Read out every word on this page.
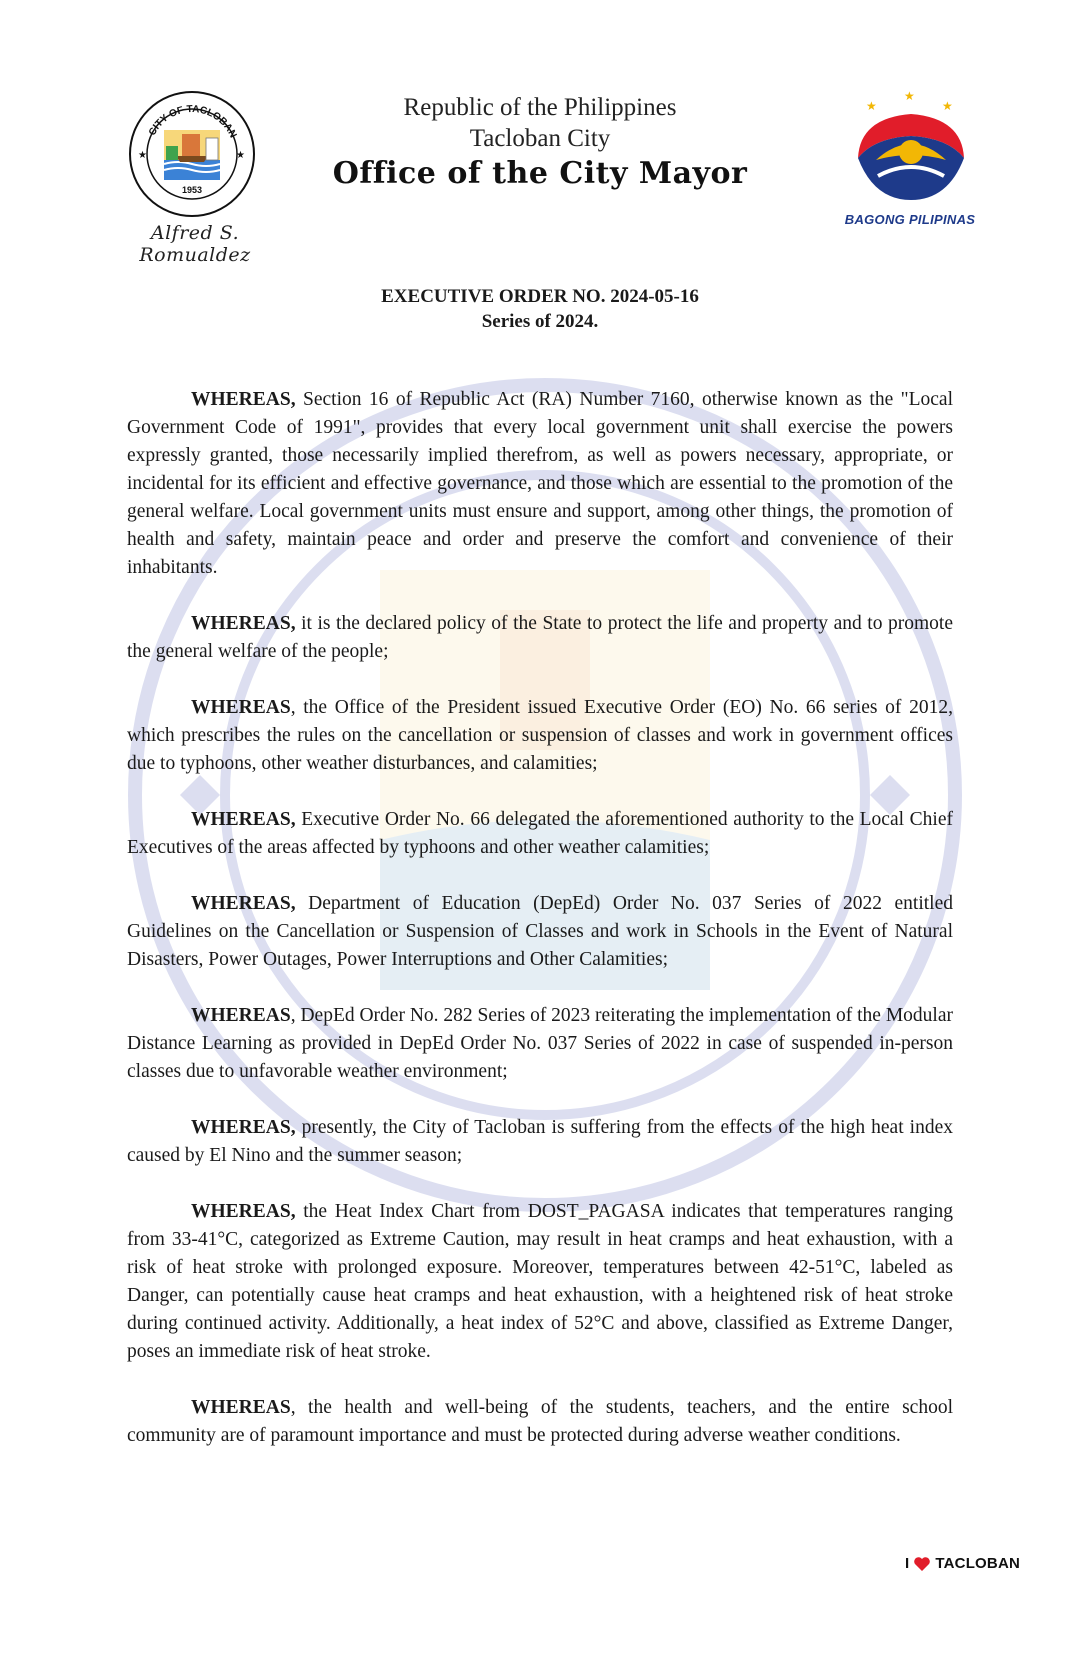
CITY OF TACLOBAN
1953
★	★
Alfred S. Romualdez
Republic of the Philippines
Tacloban City
Office of the City Mayor
★
★
★
BAGONG PILIPINAS
EXECUTIVE ORDER NO. 2024-05-16
Series of 2024.

WHEREAS, Section 16 of Republic Act (RA) Number 7160, otherwise known as the "Local Government Code of 1991", provides that every local government unit shall exercise the powers expressly granted, those necessarily implied therefrom, as well as powers necessary, appropriate, or incidental for its efficient and effective governance, and those which are essential to the promotion of the general welfare. Local government units must ensure and support, among other things, the promotion of health and safety, maintain peace and order and preserve the comfort and convenience of their inhabitants.

WHEREAS, it is the declared policy of the State to protect the life and property and to promote the general welfare of the people;

WHEREAS, the Office of the President issued Executive Order (EO) No. 66 series of 2012, which prescribes the rules on the cancellation or suspension of classes and work in government offices due to typhoons, other weather disturbances, and calamities;

WHEREAS, Executive Order No. 66 delegated the aforementioned authority to the Local Chief Executives of the areas affected by typhoons and other weather calamities;

WHEREAS, Department of Education (DepEd) Order No. 037 Series of 2022 entitled Guidelines on the Cancellation or Suspension of Classes and work in Schools in the Event of Natural Disasters, Power Outages, Power Interruptions and Other Calamities;

WHEREAS, DepEd Order No. 282 Series of 2023 reiterating the implementation of the Modular Distance Learning as provided in DepEd Order No. 037 Series of 2022 in case of suspended in-person classes due to unfavorable weather environment;

WHEREAS, presently, the City of Tacloban is suffering from the effects of the high heat index caused by El Nino and the summer season;

WHEREAS, the Heat Index Chart from DOST_PAGASA indicates that temperatures ranging from 33-41°C, categorized as Extreme Caution, may result in heat cramps and heat exhaustion, with a risk of heat stroke with prolonged exposure. Moreover, temperatures between 42-51°C, labeled as Danger, can potentially cause heat cramps and heat exhaustion, with a heightened risk of heat stroke during continued activity. Additionally, a heat index of 52°C and above, classified as Extreme Danger, poses an immediate risk of heat stroke.

WHEREAS, the health and well-being of the students, teachers, and the entire school community are of paramount importance and must be protected during adverse weather conditions.

I TACLOBAN
